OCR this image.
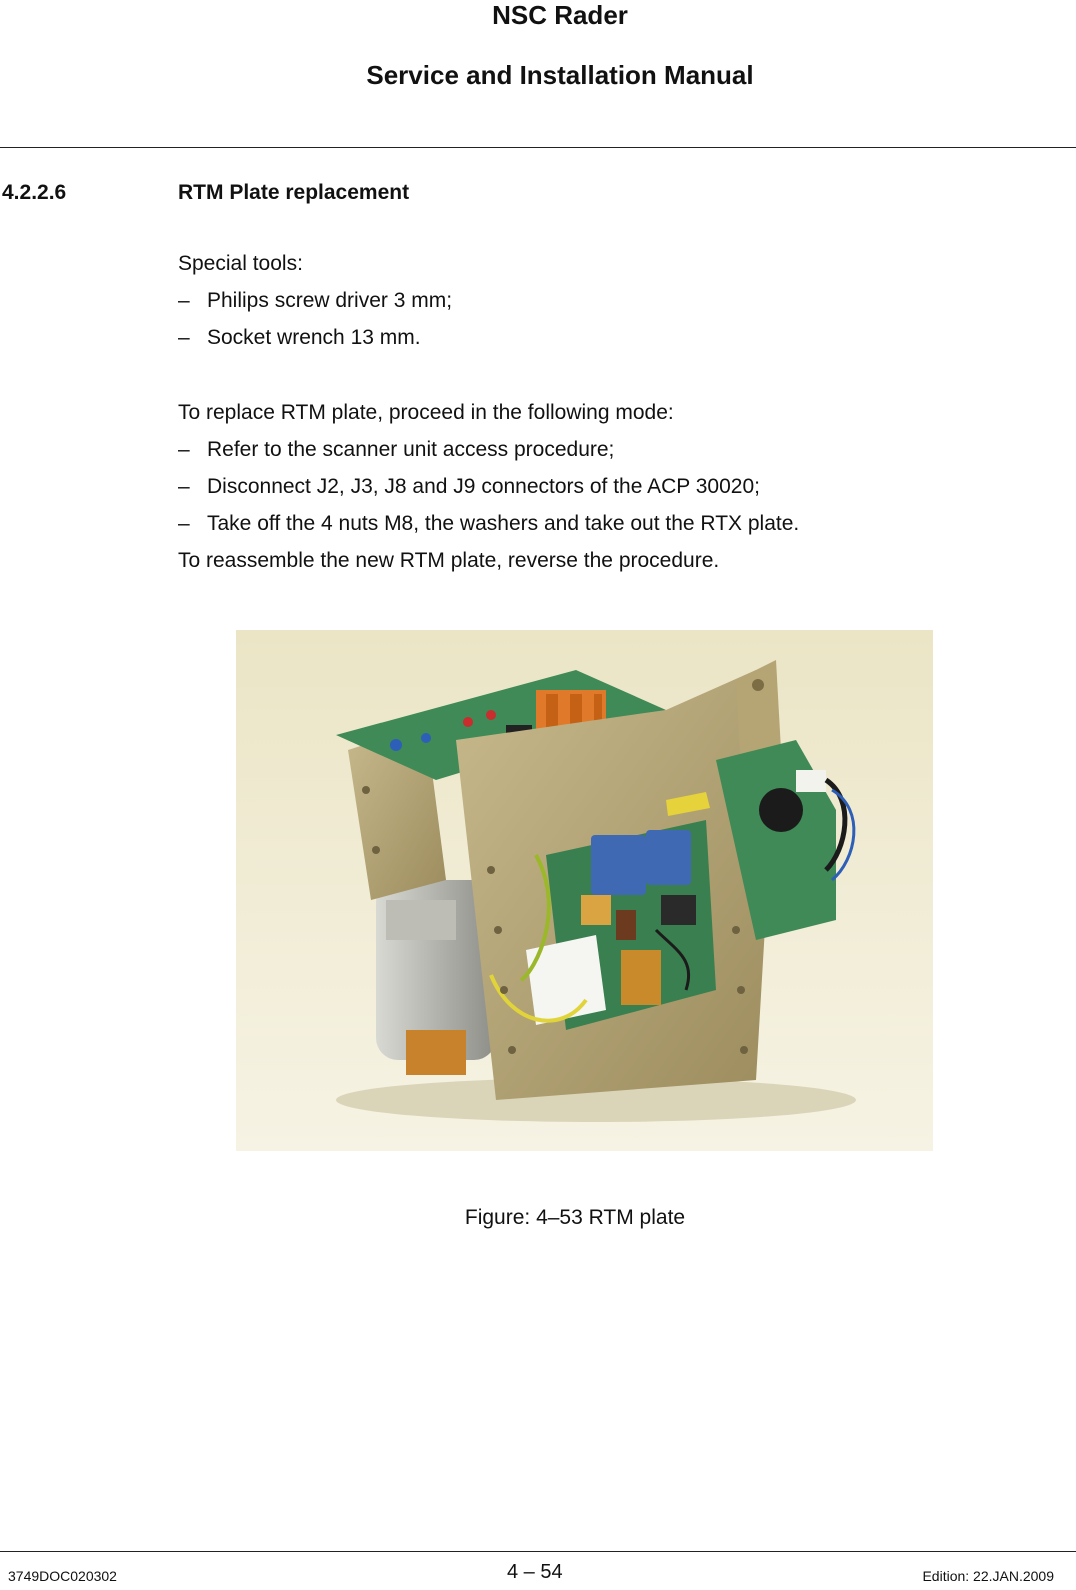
NSC Rader
Service and Installation Manual
4.2.2.6	RTM Plate replacement
Special tools:
– Philips screw driver 3 mm;
– Socket wrench 13 mm.
To replace RTM plate, proceed in the following mode:
– Refer to the scanner unit access procedure;
– Disconnect J2, J3, J8 and J9 connectors of the ACP 30020;
– Take off the 4 nuts M8, the washers and take out the RTX plate.
To reassemble the new RTM plate, reverse the procedure.
Figure: 4–53 RTM plate
3749DOC020302	4 – 54	Edition: 22.JAN.2009
